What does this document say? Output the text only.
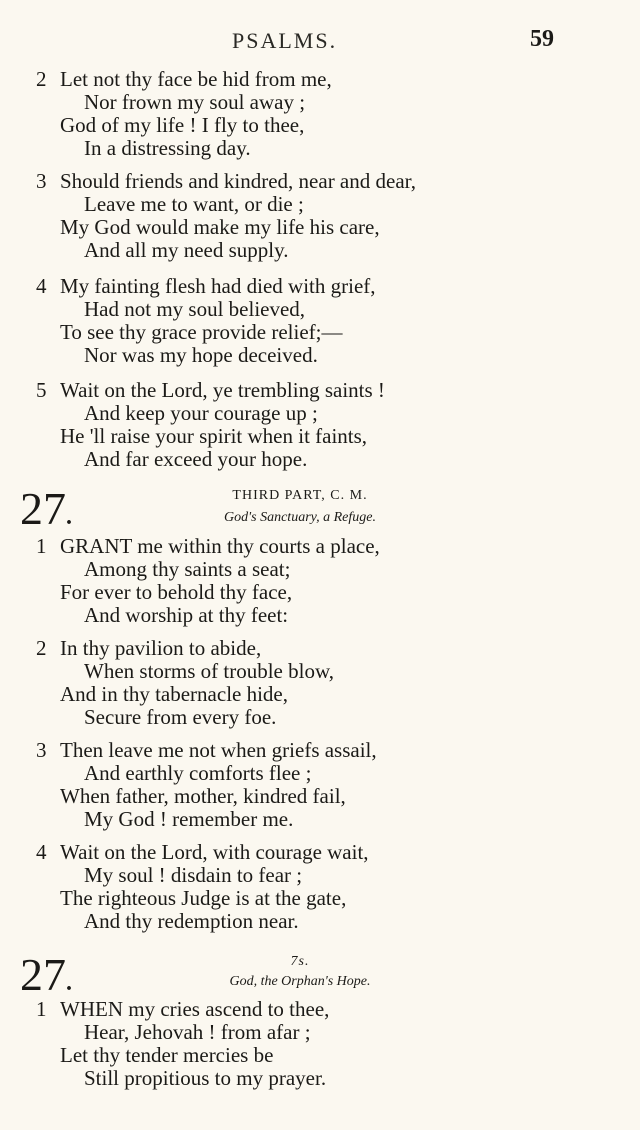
PSALMS.	59
2 Let not thy face be hid from me,
Nor frown my soul away ;
God of my life ! I fly to thee,
In a distressing day.
3 Should friends and kindred, near and dear,
Leave me to want, or die ;
My God would make my life his care,
And all my need supply.
4 My fainting flesh had died with grief,
Had not my soul believed,
To see thy grace provide relief;—
Nor was my hope deceived.
5 Wait on the Lord, ye trembling saints !
And keep your courage up ;
He 'll raise your spirit when it faints,
And far exceed your hope.
27.
THIRD PART, C. M.
God's Sanctuary, a Refuge.
1 GRANT me within thy courts a place,
Among thy saints a seat;
For ever to behold thy face,
And worship at thy feet:
2 In thy pavilion to abide,
When storms of trouble blow,
And in thy tabernacle hide,
Secure from every foe.
3 Then leave me not when griefs assail,
And earthly comforts flee ;
When father, mother, kindred fail,
My God ! remember me.
4 Wait on the Lord, with courage wait,
My soul ! disdain to fear ;
The righteous Judge is at the gate,
And thy redemption near.
27.
7s.
God, the Orphan's Hope.
1 WHEN my cries ascend to thee,
Hear, Jehovah ! from afar ;
Let thy tender mercies be
Still propitious to my prayer.
